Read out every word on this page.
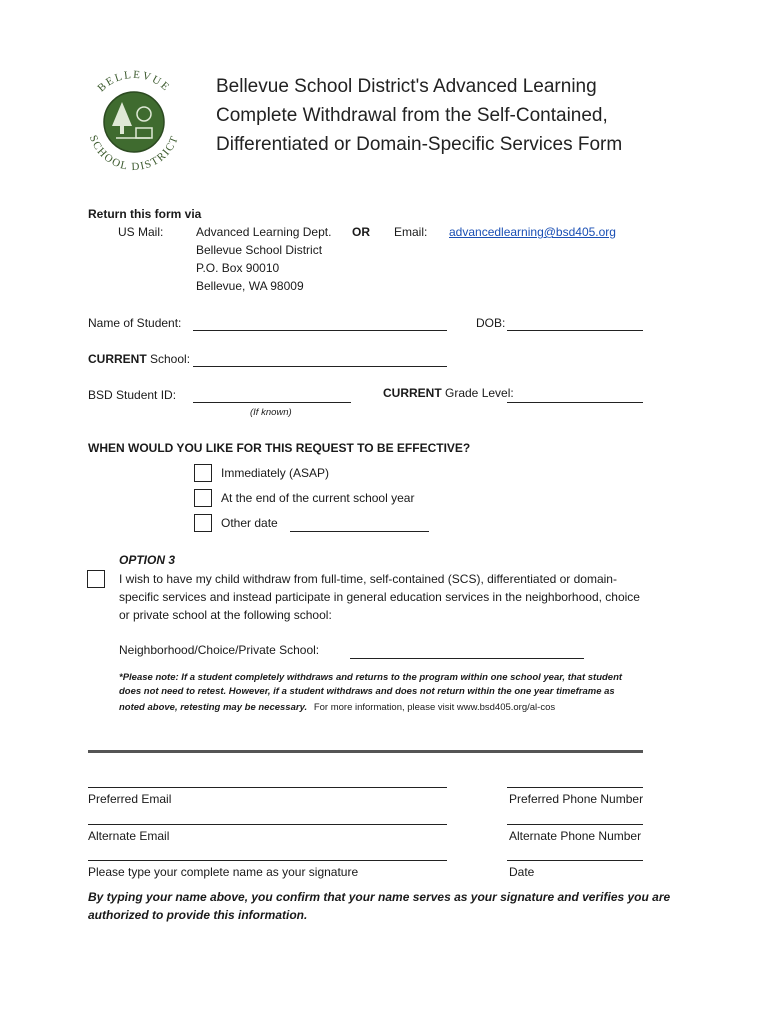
BELLEVUE
SCHOOL DISTRICT
Bellevue School District's Advanced Learning
Complete Withdrawal from the Self-Contained,
Differentiated or Domain-Specific Services Form
Return this form via
US Mail:	Advanced Learning Dept.
Bellevue School District
P.O. Box 90010
Bellevue, WA 98009
OR Email: advancedlearning@bsd405.org
Name of Student:	DOB:
CURRENT School:
BSD Student ID:
(If known)
CURRENT Grade Level:
WHEN WOULD YOU LIKE FOR THIS REQUEST TO BE EFFECTIVE?
Immediately (ASAP)
At the end of the current school year
Other date
OPTION 3
I wish to have my child withdraw from full-time, self-contained (SCS), differentiated or domain-
specific services and instead participate in general education services in the neighborhood, choice
or private school at the following school:
Neighborhood/Choice/Private School:
*Please note: If a student completely withdraws and returns to the program within one school year, that student
does not need to retest. However, if a student withdraws and does not return within the one year timeframe as
noted above, retesting may be necessary. For more information, please visit www.bsd405.org/al-cos
Preferred Email	Preferred Phone Number
Alternate Email	Alternate Phone Number
Please type your complete name as your signature	Date
By typing your name above, you confirm that your name serves as your signature and verifies you are
authorized to provide this information.
